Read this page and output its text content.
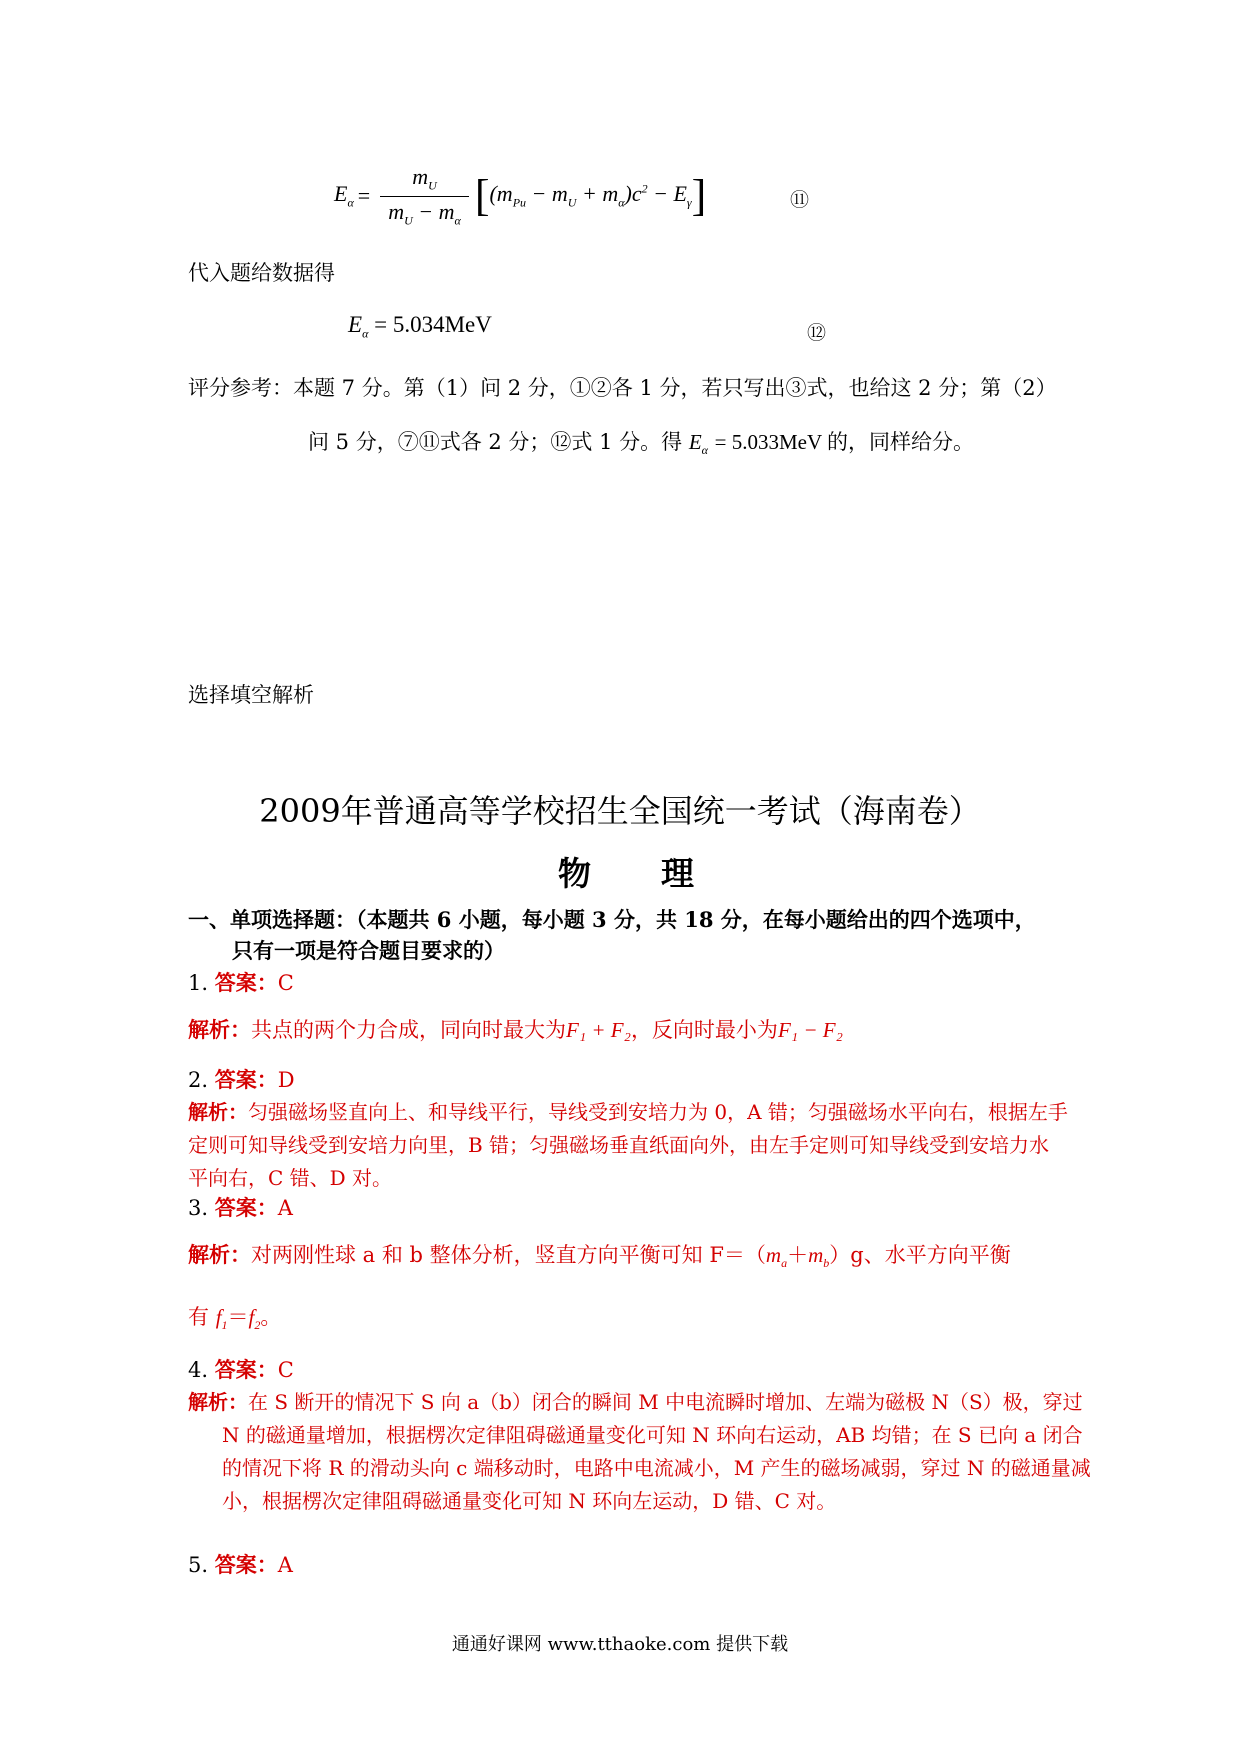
$E_\alpha = \frac{m_U}{m_U - m_\alpha}$ [ $(m_{Pu} - m_U + m_\alpha)c^2 - E_\gamma$ ]	⑪
代入题给数据得
$E_\alpha = 5.034MeV$	⑫
评分参考：本题 7 分。第（1）问 2 分，①②各 1 分，若只写出③式，也给这 2 分；第（2）
问 5 分，⑦⑪式各 2 分；⑫式 1 分。得 $E_\alpha = 5.033MeV$ 的，同样给分。
选择填空解析
2009年普通高等学校招生全国统一考试（海南卷）
物理
一、单项选择题：（本题共 6 小题，每小题 3 分，共 18 分，在每小题给出的四个选项中，
只有一项是符合题目要求的）
1. 答案：C
解析：共点的两个力合成，同向时最大为F₁ + F₂，反向时最小为F₁ − F₂
2. 答案：D
解析：匀强磁场竖直向上、和导线平行，导线受到安培力为 0，A 错；匀强磁场水平向右，根据左手定则可知导线受到安培力向里，B 错；匀强磁场垂直纸面向外，由左手定则可知导线受到安培力水平向右，C 错、D 对。
3. 答案：A
解析：对两刚性球 a 和 b 整体分析，竖直方向平衡可知 $F=(m_a+m_b)g$、水平方向平衡
有 $f_1=f_2$。
4. 答案：C
解析：在 S 断开的情况下 S 向 a（b）闭合的瞬间 M 中电流瞬时增加、左端为磁极 N（S）极，穿过 N 的磁通量增加，根据楞次定律阻碍磁通量变化可知 N 环向右运动，AB 均错；在 S 已向 a 闭合的情况下将 R 的滑动头向 c 端移动时，电路中电流减小，M 产生的磁场减弱，穿过 N 的磁通量减小，根据楞次定律阻碍磁通量变化可知 N 环向左运动，D 错、C 对。
5. 答案：A
通通好课网 www.tthaoke.com 提供下载
